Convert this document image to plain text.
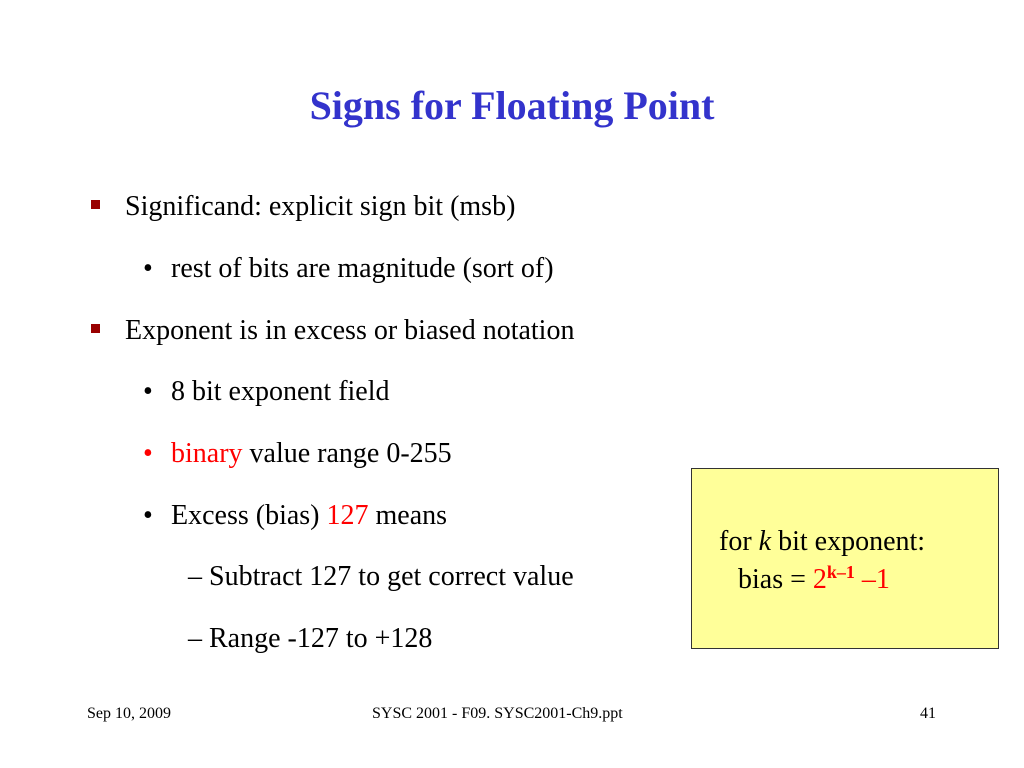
Signs for Floating Point
Significand: explicit sign bit (msb)
• rest of bits are magnitude (sort of)
Exponent is in excess or biased notation
• 8 bit exponent field
• binary value range 0-255
• Excess (bias) 127 means
– Subtract 127 to get correct value
– Range -127 to +128
for k bit exponent:
bias = $2^{k-1}$ –1
Sep 10, 2009	SYSC 2001 - F09. SYSC2001-Ch9.ppt	41
